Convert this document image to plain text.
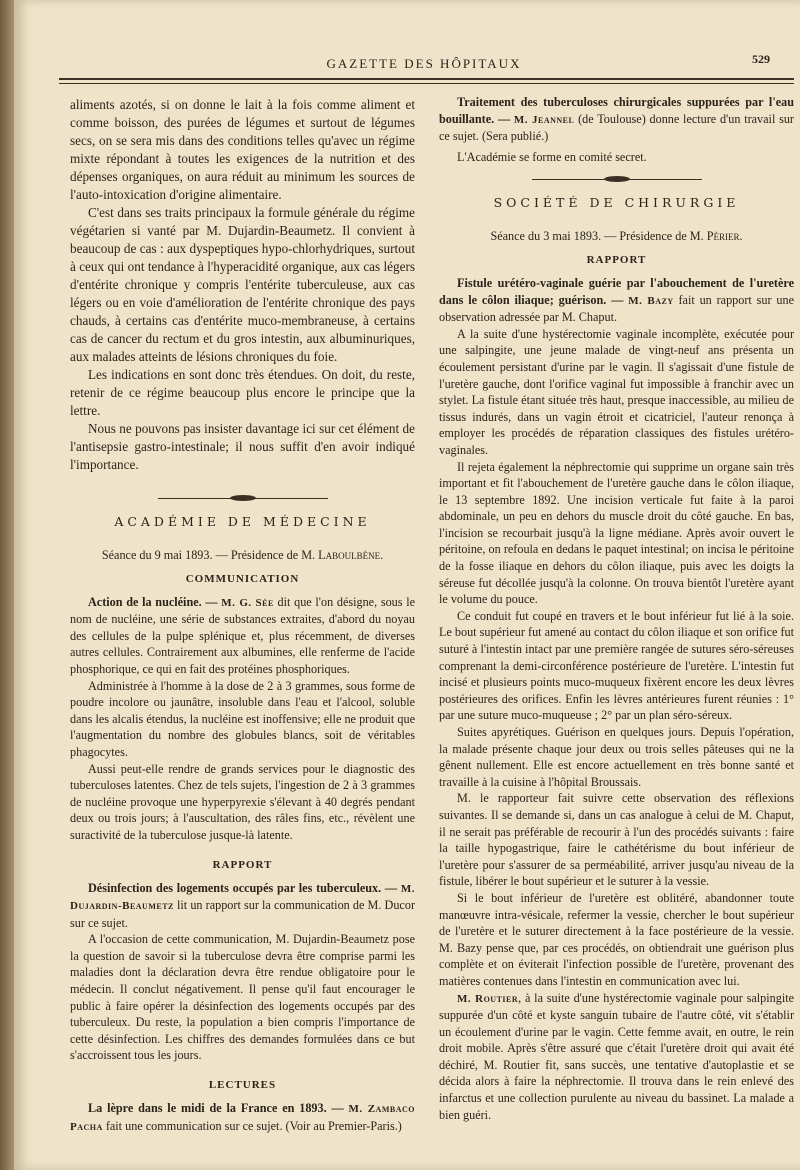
GAZETTE DES HÔPITAUX	529

aliments azotés, si on donne le lait à la fois comme aliment et comme boisson, des purées de légumes et surtout de légumes secs, on se sera mis dans des conditions telles qu'avec un régime mixte répondant à toutes les exigences de la nutrition et des dépenses organiques, on aura réduit au minimum les sources de l'auto-intoxication d'origine alimentaire.

C'est dans ses traits principaux la formule générale du régime végétarien si vanté par M. Dujardin-Beaumetz. Il convient à beaucoup de cas : aux dyspeptiques hypo-chlorhydriques, surtout à ceux qui ont tendance à l'hyperacidité organique, aux cas légers d'entérite chronique y compris l'entérite tuberculeuse, aux cas légers ou en voie d'amélioration de l'entérite chronique des pays chauds, à certains cas d'entérite muco-membraneuse, à certains cas de cancer du rectum et du gros intestin, aux albuminuriques, aux malades atteints de lésions chroniques du foie.

Les indications en sont donc très étendues. On doit, du reste, retenir de ce régime beaucoup plus encore le principe que la lettre.

Nous ne pouvons pas insister davantage ici sur cet élément de l'antisepsie gastro-intestinale; il nous suffit d'en avoir indiqué l'importance.

ACADÉMIE DE MÉDECINE

Séance du 9 mai 1893. — Présidence de M. Laboulbène.

COMMUNICATION

Action de la nucléine. — M. G. Sée dit que l'on désigne, sous le nom de nucléine, une série de substances extraites, d'abord du noyau des cellules de la pulpe splénique et, plus récemment, de diverses autres cellules. Contrairement aux albumines, elle renferme de l'acide phosphorique, ce qui en fait des protéines phosphoriques.

Administrée à l'homme à la dose de 2 à 3 grammes, sous forme de poudre incolore ou jaunâtre, insoluble dans l'eau et l'alcool, soluble dans les alcalis étendus, la nucléine est inoffensive; elle ne produit que l'augmentation du nombre des globules blancs, soit de véritables phagocytes.

Aussi peut-elle rendre de grands services pour le diagnostic des tuberculoses latentes. Chez de tels sujets, l'ingestion de 2 à 3 grammes de nucléine provoque une hyperpyrexie s'élevant à 40 degrés pendant deux ou trois jours; à l'auscultation, des râles fins, etc., révèlent une suractivité de la tuberculose jusque-là latente.

RAPPORT

Désinfection des logements occupés par les tuberculeux. — M. Dujardin-Beaumetz lit un rapport sur la communication de M. Ducor sur ce sujet.

A l'occasion de cette communication, M. Dujardin-Beaumetz pose la question de savoir si la tuberculose devra être comprise parmi les maladies dont la déclaration devra être rendue obligatoire pour le médecin. Il conclut négativement. Il pense qu'il faut encourager le public à faire opérer la désinfection des logements occupés par des tuberculeux. Du reste, la population a bien compris l'importance de cette désinfection. Les chiffres des demandes formulées dans ce but s'accroissent tous les jours.

LECTURES

La lèpre dans le midi de la France en 1893. — M. Zambaco Pacha fait une communication sur ce sujet. (Voir au Premier-Paris.)

Traitement des tuberculoses chirurgicales suppurées par l'eau bouillante. — M. Jeannel (de Toulouse) donne lecture d'un travail sur ce sujet. (Sera publié.)

L'Académie se forme en comité secret.

SOCIÉTÉ DE CHIRURGIE

Séance du 3 mai 1893. — Présidence de M. Périer.

RAPPORT

Fistule urétéro-vaginale guérie par l'abouchement de l'uretère dans le côlon iliaque; guérison. — M. Bazy fait un rapport sur une observation adressée par M. Chaput.

A la suite d'une hystérectomie vaginale incomplète, exécutée pour une salpingite, une jeune malade de vingt-neuf ans présenta un écoulement persistant d'urine par le vagin. Il s'agissait d'une fistule de l'uretère gauche, dont l'orifice vaginal fut impossible à franchir avec un stylet. La fistule étant située très haut, presque inaccessible, au milieu de tissus indurés, dans un vagin étroit et cicatriciel, l'auteur renonça à employer les procédés de réparation classiques des fistules urétéro-vaginales.

Il rejeta également la néphrectomie qui supprime un organe sain très important et fit l'abouchement de l'uretère gauche dans le côlon iliaque, le 13 septembre 1892. Une incision verticale fut faite à la paroi abdominale, un peu en dehors du muscle droit du côté gauche. En bas, l'incision se recourbait jusqu'à la ligne médiane. Après avoir ouvert le péritoine, on refoula en dedans le paquet intestinal; on incisa le péritoine de la fosse iliaque en dehors du côlon iliaque, puis avec les doigts la séreuse fut décollée jusqu'à la colonne. On trouva bientôt l'uretère ayant le volume du pouce.

Ce conduit fut coupé en travers et le bout inférieur fut lié à la soie. Le bout supérieur fut amené au contact du côlon iliaque et son orifice fut suturé à l'intestin intact par une première rangée de sutures séro-séreuses comprenant la demi-circonférence postérieure de l'uretère. L'intestin fut incisé et plusieurs points muco-muqueux fixèrent encore les deux lèvres postérieures des orifices. Enfin les lèvres antérieures furent réunies : 1° par une suture muco-muqueuse ; 2° par un plan séro-séreux.

Suites apyrétiques. Guérison en quelques jours. Depuis l'opération, la malade présente chaque jour deux ou trois selles pâteuses qui ne la gênent nullement. Elle est encore actuellement en très bonne santé et travaille à la cuisine à l'hôpital Broussais.

M. le rapporteur fait suivre cette observation des réflexions suivantes. Il se demande si, dans un cas analogue à celui de M. Chaput, il ne serait pas préférable de recourir à l'un des procédés suivants : faire la taille hypogastrique, faire le cathétérisme du bout inférieur de l'uretère pour s'assurer de sa perméabilité, arriver jusqu'au niveau de la fistule, libérer le bout supérieur et le suturer à la vessie.

Si le bout inférieur de l'uretère est oblitéré, abandonner toute manœuvre intra-vésicale, refermer la vessie, chercher le bout supérieur de l'uretère et le suturer directement à la face postérieure de la vessie. M. Bazy pense que, par ces procédés, on obtiendrait une guérison plus complète et on éviterait l'infection possible de l'uretère, provenant des matières contenues dans l'intestin en communication avec lui.

M. Routier, à la suite d'une hystérectomie vaginale pour salpingite suppurée d'un côté et kyste sanguin tubaire de l'autre côté, vit s'établir un écoulement d'urine par le vagin. Cette femme avait, en outre, le rein droit mobile. Après s'être assuré que c'était l'uretère droit qui avait été déchiré, M. Routier fit, sans succès, une tentative d'autoplastie et se décida alors à faire la néphrectomie. Il trouva dans le rein enlevé des infarctus et une collection purulente au niveau du bassinet. La malade a bien guéri.
